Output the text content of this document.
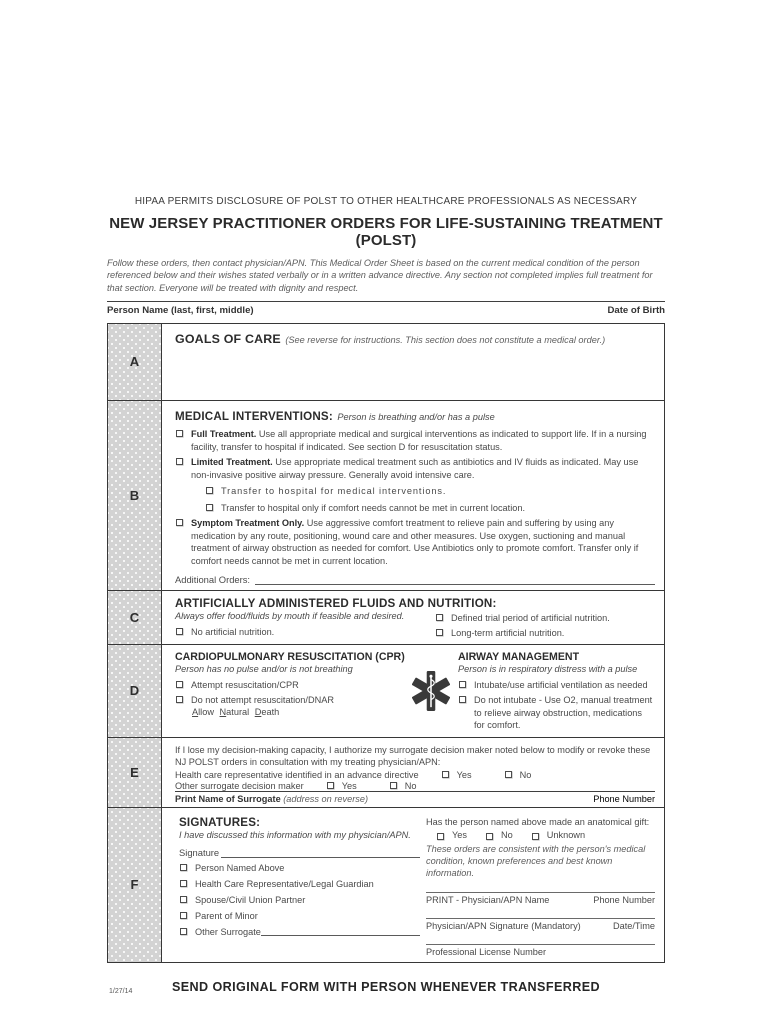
HIPAA PERMITS DISCLOSURE OF POLST TO OTHER HEALTHCARE PROFESSIONALS AS NECESSARY
NEW JERSEY PRACTITIONER ORDERS FOR LIFE-SUSTAINING TREATMENT (POLST)
Follow these orders, then contact physician/APN. This Medical Order Sheet is based on the current medical condition of the person referenced below and their wishes stated verbally or in a written advance directive. Any section not completed implies full treatment for that section. Everyone will be treated with dignity and respect.
Person Name (last, first, middle)	Date of Birth
A
GOALS OF CARE (See reverse for instructions. This section does not constitute a medical order.)
B
MEDICAL INTERVENTIONS: Person is breathing and/or has a pulse
Full Treatment. Use all appropriate medical and surgical interventions as indicated to support life. If in a nursing facility, transfer to hospital if indicated. See section D for resuscitation status.
Limited Treatment. Use appropriate medical treatment such as antibiotics and IV fluids as indicated. May use non-invasive positive airway pressure. Generally avoid intensive care.
Transfer to hospital for medical interventions.
Transfer to hospital only if comfort needs cannot be met in current location.
Symptom Treatment Only. Use aggressive comfort treatment to relieve pain and suffering by using any medication by any route, positioning, wound care and other measures. Use oxygen, suctioning and manual treatment of airway obstruction as needed for comfort. Use Antibiotics only to promote comfort. Transfer only if comfort needs cannot be met in current location.
Additional Orders:
C
ARTIFICIALLY ADMINISTERED FLUIDS AND NUTRITION:
Always offer food/fluids by mouth if feasible and desired.
No artificial nutrition.
Defined trial period of artificial nutrition.
Long-term artificial nutrition.
D
CARDIOPULMONARY RESUSCITATION (CPR)
Person has no pulse and/or is not breathing
Attempt resuscitation/CPR
Do not attempt resuscitation/DNAR
Allow Natural Death
AIRWAY MANAGEMENT
Person is in respiratory distress with a pulse
Intubate/use artificial ventilation as needed
Do not intubate - Use O2, manual treatment to relieve airway obstruction, medications for comfort.
E
If I lose my decision-making capacity, I authorize my surrogate decision maker noted below to modify or revoke these NJ POLST orders in consultation with my treating physician/APN:
Health care representative identified in an advance directive	Yes	No
Other surrogate decision maker	Yes	No
Print Name of Surrogate (address on reverse)	Phone Number
F
SIGNATURES:
I have discussed this information with my physician/APN.
Signature
Person Named Above
Health Care Representative/Legal Guardian
Spouse/Civil Union Partner
Parent of Minor
Other Surrogate
Has the person named above made an anatomical gift:
Yes	No	Unknown
These orders are consistent with the person's medical condition, known preferences and best known information.
PRINT - Physician/APN Name	Phone Number
Physician/APN Signature (Mandatory)	Date/Time
Professional License Number
1/27/14	SEND ORIGINAL FORM WITH PERSON WHENEVER TRANSFERRED
